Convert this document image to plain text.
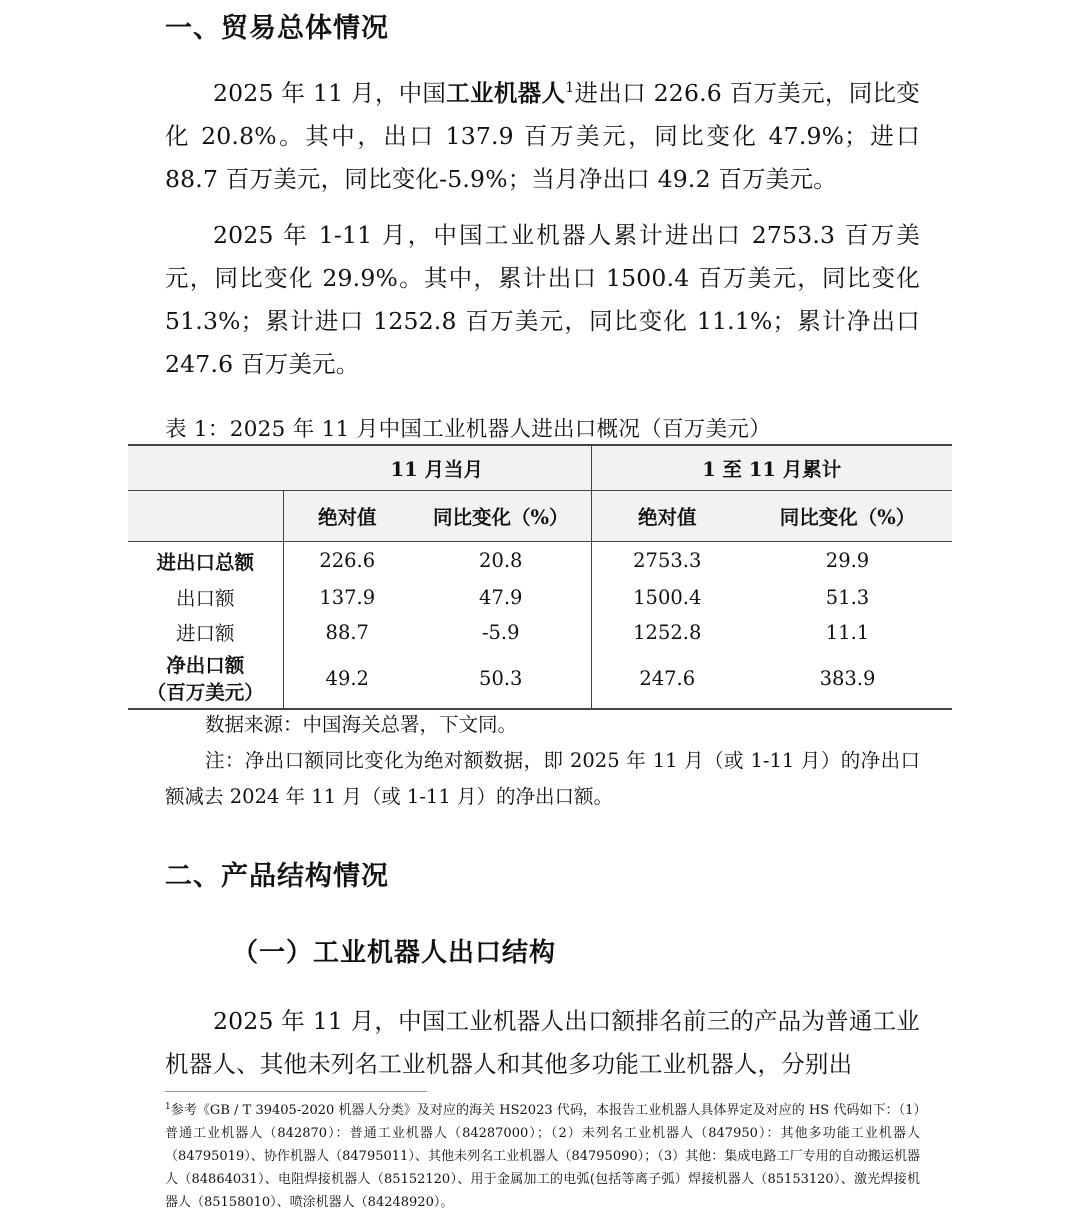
一、贸易总体情况

2025 年 11 月，中国工业机器人$^1$进出口 226.6 百万美元，同比变化 20.8%。其中，出口 137.9 百万美元，同比变化 47.9%；进口 88.7 百万美元，同比变化-5.9%；当月净出口 49.2 百万美元。

2025 年 1-11 月，中国工业机器人累计进出口 2753.3 百万美元，同比变化 29.9%。其中，累计出口 1500.4 百万美元，同比变化 51.3%；累计进口 1252.8 百万美元，同比变化 11.1%；累计净出口 247.6 百万美元。

表 1：2025 年 11 月中国工业机器人进出口概况（百万美元）
	11 月当月		1 至 11 月累计	
	绝对值	同比变化（%）	绝对值	同比变化（%）
进出口总额	226.6	20.8	2753.3	29.9
出口额	137.9	47.9	1500.4	51.3
进口额	88.7	-5.9	1252.8	11.1
净出口额
（百万美元）	49.2	50.3	247.6	383.9

数据来源：中国海关总署，下文同。

注：净出口额同比变化为绝对额数据，即 2025 年 11 月（或 1-11 月）的净出口额减去 2024 年 11 月（或 1-11 月）的净出口额。

二、产品结构情况
（一）工业机器人出口结构

2025 年 11 月，中国工业机器人出口额排名前三的产品为普通工业机器人、其他未列名工业机器人和其他多功能工业机器人，分别出

$^1$参考《GB / T 39405-2020 机器人分类》及对应的海关 HS2023 代码，本报告工业机器人具体界定及对应的 HS 代码如下：（1）普通工业机器人（842870）：普通工业机器人（84287000）；（2）未列名工业机器人（847950）：其他多功能工业机器人（84795019）、协作机器人（84795011）、其他未列名工业机器人（84795090）；（3）其他：集成电路工厂专用的自动搬运机器人（84864031）、电阻焊接机器人（85152120）、用于金属加工的电弧(包括等离子弧）焊接机器人（85153120）、激光焊接机器人（85158010）、喷涂机器人（84248920）。
